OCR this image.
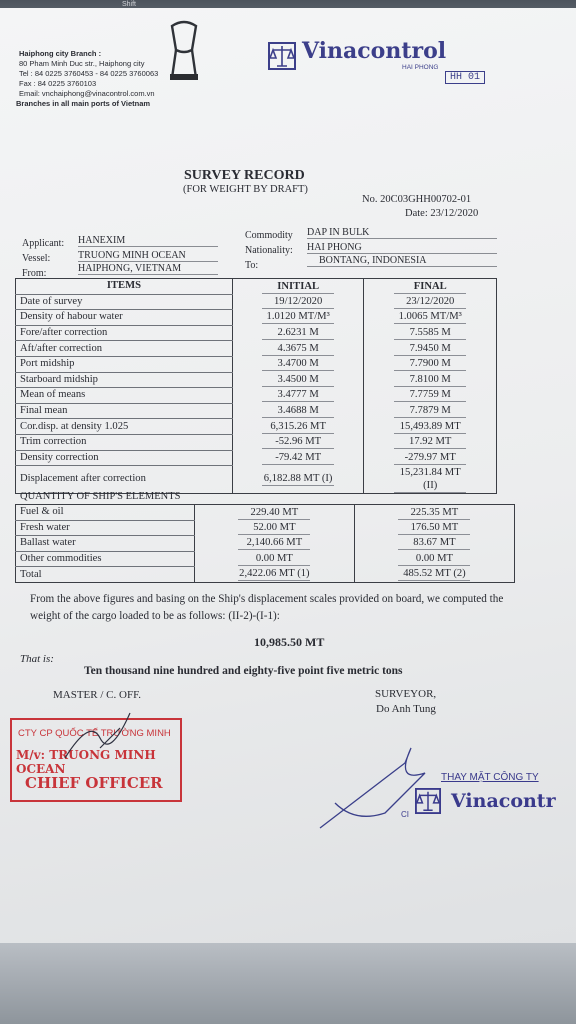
Shift
Haiphong city Branch :
80 Pham Minh Duc str., Haiphong city
Tel : 84 0225 3760453 - 84 0225 3760063
Fax : 84 0225 3760103
Email: vnchaiphong@vinacontrol.com.vn
Branches in all main ports of Vietnam
Vinacontrol
HAI PHONG
HH 01
SURVEY RECORD
(FOR WEIGHT BY DRAFT)
No. 20C03GHH00702-01
Date: 23/12/2020
Applicant: HANEXIM
Vessel:	TRUONG MINH OCEAN
From:	HAIPHONG, VIETNAM
Commodity DAP IN BULK
Nationality: HAI PHONG
To:	BONTANG, INDONESIA
ITEMS	INITIAL	FINAL

Date of survey	19/12/2020	23/12/2020

Density of habour water	1.0120 MT/M³	1.0065 MT/M³

Fore/after correction	2.6231 M	7.5585 M

Aft/after correction	4.3675 M	7.9450 M

Port midship	3.4700 M	7.7900 M

Starboard midship	3.4500 M	7.8100 M

Mean of means	3.4777 M	7.7759 M

Final mean	3.4688 M	7.7879 M

Cor.disp. at density 1.025	6,315.26 MT	15,493.89 MT

Trim correction	-52.96 MT	17.92 MT

Density correction	-79.42 MT	-279.97 MT

Displacement after correction	6,182.88 MT (I)	15,231.84 MT (II)
QUANTITY OF SHIP'S ELEMENTS
Fuel & oil	229.40 MT	225.35 MT

Fresh water	52.00 MT	176.50 MT

Ballast water	2,140.66 MT	83.67 MT

Other commodities	0.00 MT	0.00 MT

Total	2,422.06 MT (1)	485.52 MT (2)
From the above figures and basing on the Ship's displacement scales provided on board, we computed the weight of the cargo loaded to be as follows: (II-2)-(I-1):
10,985.50 MT
That is:
Ten thousand nine hundred and eighty-five point five metric tons
MASTER / C. OFF.	SURVEYOR,
Do Anh Tung
CTY CP QUỐC TẾ TRƯỜNG MINH
M/v: TRUONG MINH OCEAN
CHIEF OFFICER	THAY MẶT CÔNG TY
Vinacontr
CI
